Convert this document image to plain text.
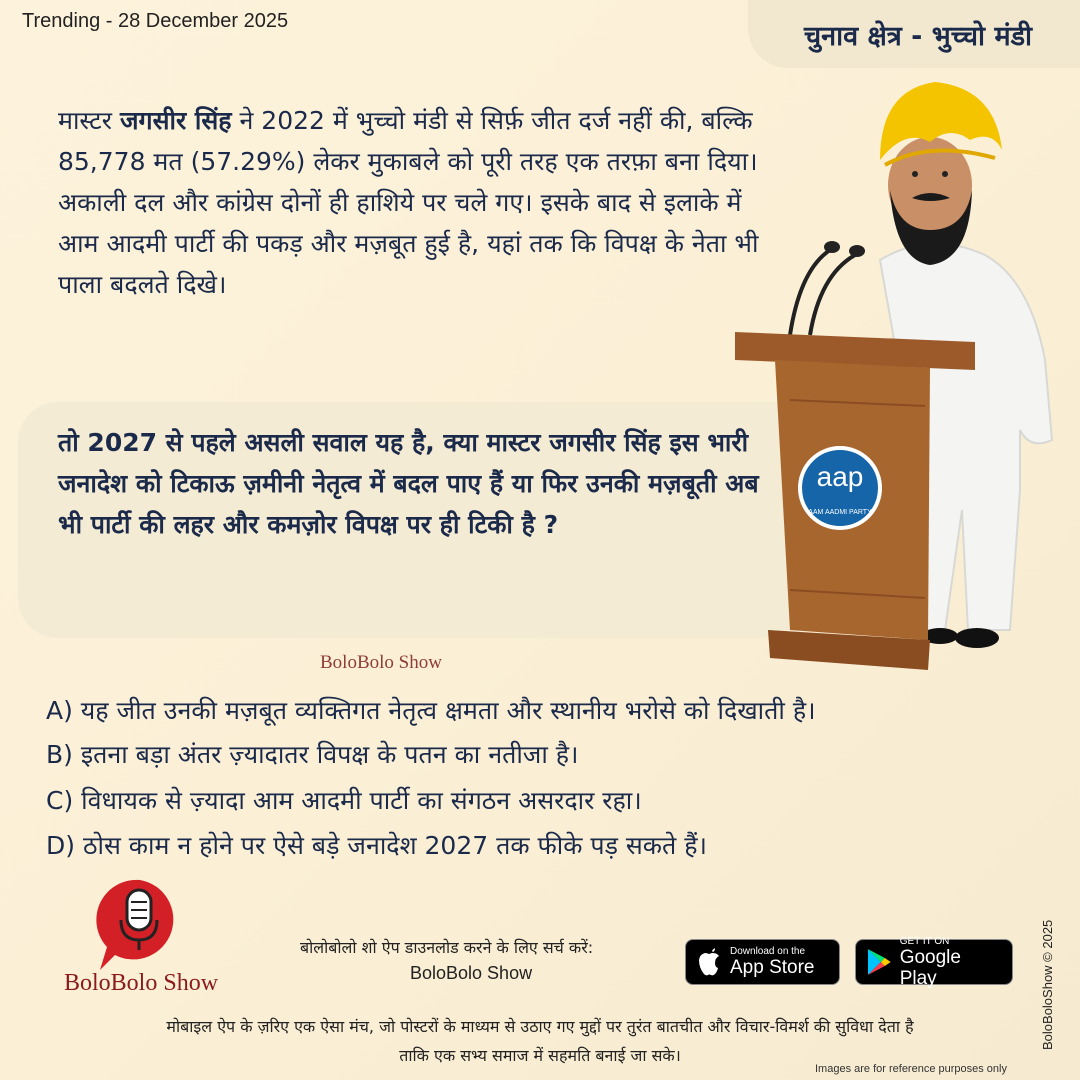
Trending - 28 December 2025	चुनाव क्षेत्र - भुच्चो मंडी
मास्टर जगसीर सिंह ने 2022 में भुच्चो मंडी से सिर्फ़ जीत दर्ज नहीं की, बल्कि 85,778 मत (57.29%) लेकर मुकाबले को पूरी तरह एक तरफ़ा बना दिया। अकाली दल और कांग्रेस दोनों ही हाशिये पर चले गए। इसके बाद से इलाके में आम आदमी पार्टी की पकड़ और मज़बूत हुई है, यहां तक कि विपक्ष के नेता भी पाला बदलते दिखे।
तो 2027 से पहले असली सवाल यह है, क्या मास्टर जगसीर सिंह इस भारी जनादेश को टिकाऊ ज़मीनी नेतृत्व में बदल पाए हैं या फिर उनकी मज़बूती अब भी पार्टी की लहर और कमज़ोर विपक्ष पर ही टिकी है ?
aap
AAM AADMI PARTY
BoloBolo Show
A) यह जीत उनकी मज़बूत व्यक्तिगत नेतृत्व क्षमता और स्थानीय भरोसे को दिखाती है।
B) इतना बड़ा अंतर ज़्यादातर विपक्ष के पतन का नतीजा है।
C) विधायक से ज़्यादा आम आदमी पार्टी का संगठन असरदार रहा।
D) ठोस काम न होने पर ऐसे बड़े जनादेश 2027 तक फीके पड़ सकते हैं।
BoloBolo Show
बोलोबोलो शो ऐप डाउनलोड करने के लिए सर्च करें:
BoloBolo Show
Download on the
App Store
GET IT ON
Google Play
मोबाइल ऐप के ज़रिए एक ऐसा मंच, जो पोस्टरों के माध्यम से उठाए गए मुद्दों पर तुरंत बातचीत और विचार-विमर्श की सुविधा देता है
ताकि एक सभ्य समाज में सहमति बनाई जा सके।
Images are for reference purposes only
BoloBoloShow © 2025
